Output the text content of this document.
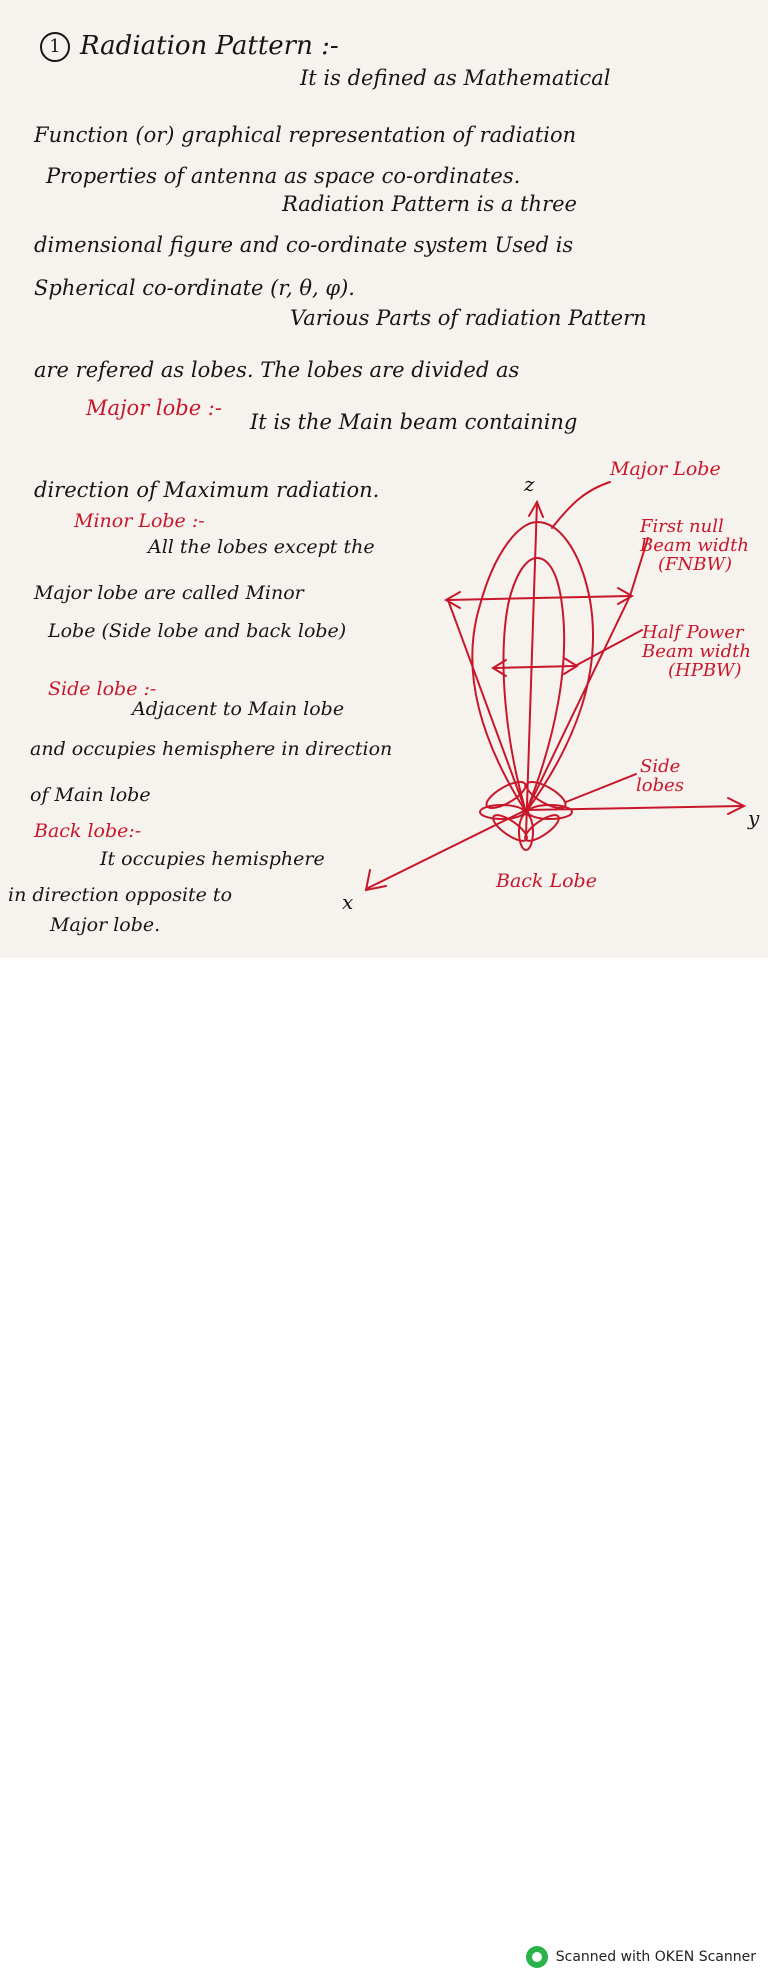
1 Radiation Pattern :-
It is defined as Mathematical
Function (or) graphical representation of radiation
Properties of antenna as space co-ordinates.
Radiation Pattern is a three
dimensional figure and co-ordinate system Used is
Spherical co-ordinate (r, θ, φ).
Various Parts of radiation Pattern
are refered as lobes. The lobes are divided as
Major lobe :-
It is the Main beam containing
direction of Maximum radiation.
Minor Lobe :-
All the lobes except the
Major lobe are called Minor
Lobe (Side lobe and back lobe)
Side lobe :-
Adjacent to Main lobe
and occupies hemisphere in direction
of Main lobe
Back lobe:-
It occupies hemisphere
in direction opposite to
Major lobe.
z
y
x
Major Lobe
First null
Beam width
(FNBW)
Half Power
Beam width
(HPBW)
Side
lobes
Back Lobe
Scanned with OKEN Scanner
